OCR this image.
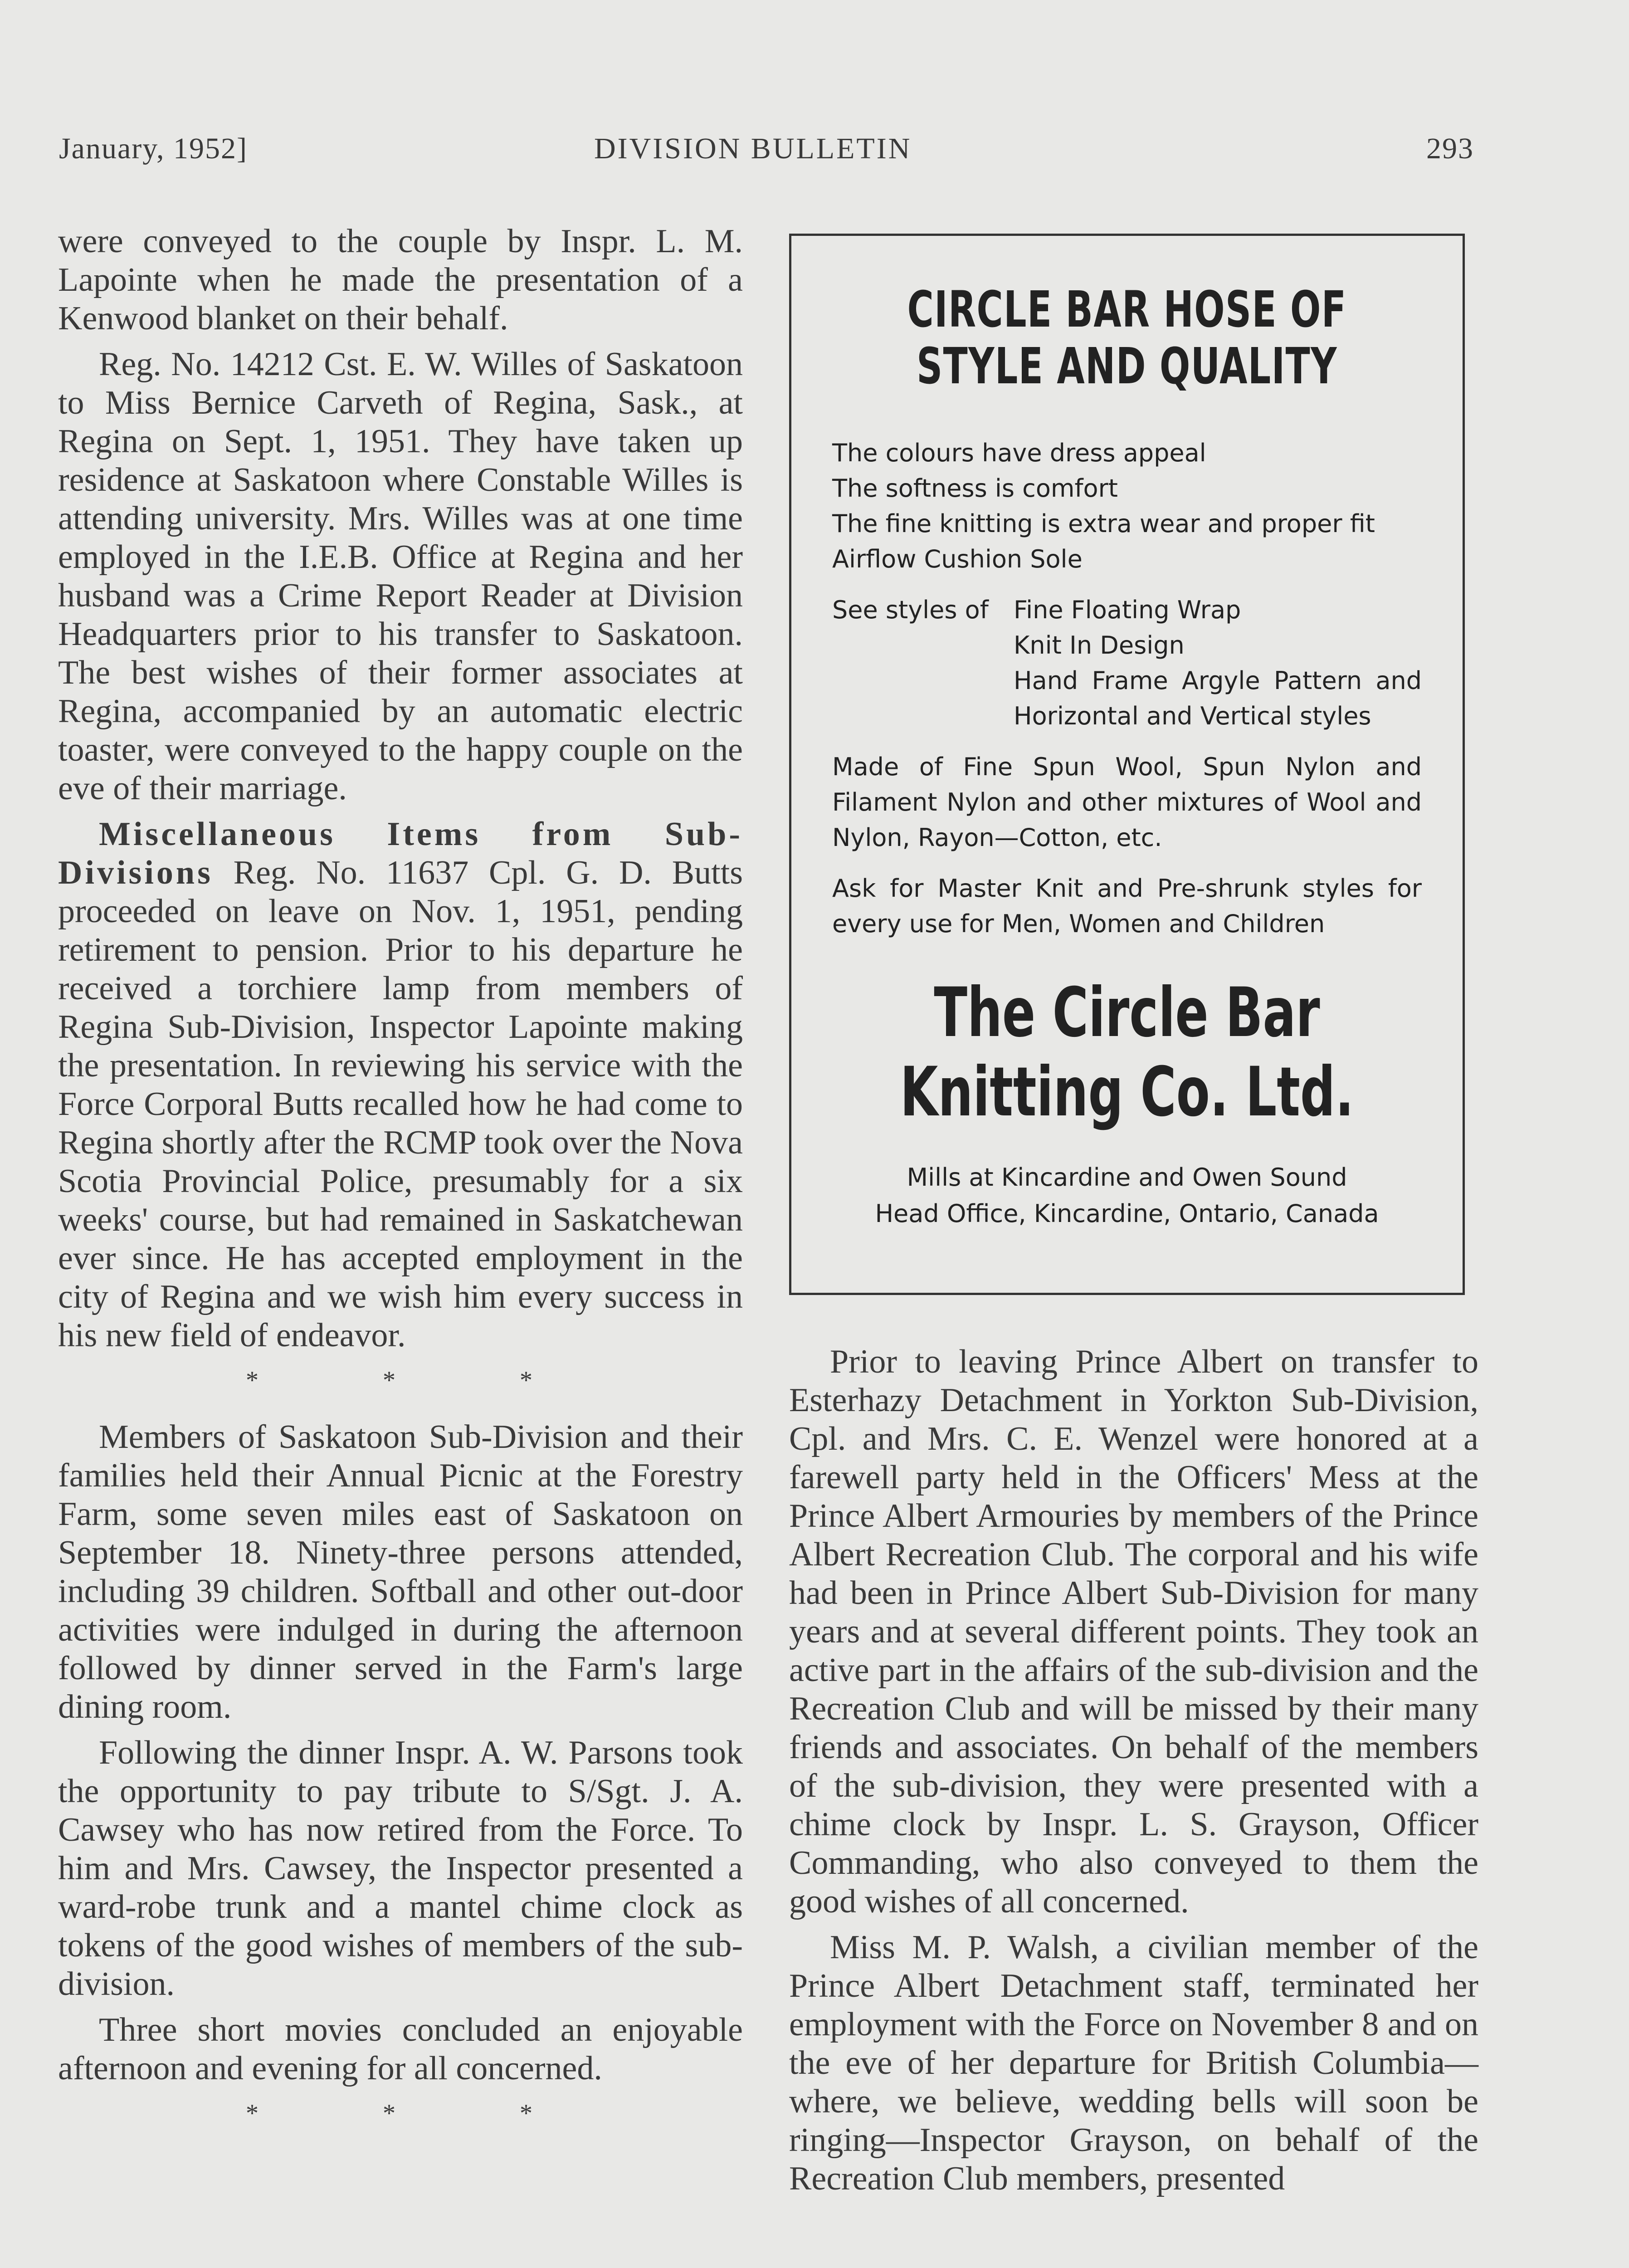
January, 1952]	DIVISION BULLETIN	293

were conveyed to the couple by Inspr. L. M. Lapointe when he made the presentation of a Kenwood blanket on their behalf.

Reg. No. 14212 Cst. E. W. Willes of Saskatoon to Miss Bernice Carveth of Regina, Sask., at Regina on Sept. 1, 1951. They have taken up residence at Saskatoon where Constable Willes is attending university. Mrs. Willes was at one time employed in the I.E.B. Office at Regina and her husband was a Crime Report Reader at Division Headquarters prior to his transfer to Saskatoon. The best wishes of their former associates at Regina, accompanied by an automatic electric toaster, were conveyed to the happy couple on the eve of their marriage.

Miscellaneous Items from Sub-Divisions Reg. No. 11637 Cpl. G. D. Butts proceeded on leave on Nov. 1, 1951, pending retirement to pension. Prior to his departure he received a torchiere lamp from members of Regina Sub-Division, Inspector Lapointe making the presentation. In reviewing his service with the Force Corporal Butts recalled how he had come to Regina shortly after the RCMP took over the Nova Scotia Provincial Police, presumably for a six weeks' course, but had remained in Saskatchewan ever since. He has accepted employment in the city of Regina and we wish him every success in his new field of endeavor.

* * *

Members of Saskatoon Sub-Division and their families held their Annual Picnic at the Forestry Farm, some seven miles east of Saskatoon on September 18. Ninety-three persons attended, including 39 children. Softball and other out-door activities were indulged in during the afternoon followed by dinner served in the Farm's large dining room.

Following the dinner Inspr. A. W. Parsons took the opportunity to pay tribute to S/Sgt. J. A. Cawsey who has now retired from the Force. To him and Mrs. Cawsey, the Inspector presented a ward-robe trunk and a mantel chime clock as tokens of the good wishes of members of the sub-division.

Three short movies concluded an enjoyable afternoon and evening for all concerned.

* * *
CIRCLE BAR HOSE OF STYLE AND QUALITY
The colours have dress appeal
The softness is comfort
The fine knitting is extra wear and proper fit
Airflow Cushion Sole
See styles of	Fine Floating Wrap
Knit In Design
Hand Frame Argyle Pattern and Horizontal and Vertical styles
Made of Fine Spun Wool, Spun Nylon and Filament Nylon and other mixtures of Wool and Nylon, Rayon—Cotton, etc.
Ask for Master Knit and Pre-shrunk styles for every use for Men, Women and Children
The Circle Bar Knitting Co. Ltd.
Mills at Kincardine and Owen Sound
Head Office, Kincardine, Ontario, Canada

Prior to leaving Prince Albert on transfer to Esterhazy Detachment in Yorkton Sub-Division, Cpl. and Mrs. C. E. Wenzel were honored at a farewell party held in the Officers' Mess at the Prince Albert Armouries by members of the Prince Albert Recreation Club. The corporal and his wife had been in Prince Albert Sub-Division for many years and at several different points. They took an active part in the affairs of the sub-division and the Recreation Club and will be missed by their many friends and associates. On behalf of the members of the sub-division, they were presented with a chime clock by Inspr. L. S. Grayson, Officer Commanding, who also conveyed to them the good wishes of all concerned.

Miss M. P. Walsh, a civilian member of the Prince Albert Detachment staff, terminated her employment with the Force on November 8 and on the eve of her departure for British Columbia—where, we believe, wedding bells will soon be ringing—Inspector Grayson, on behalf of the Recreation Club members, presented
